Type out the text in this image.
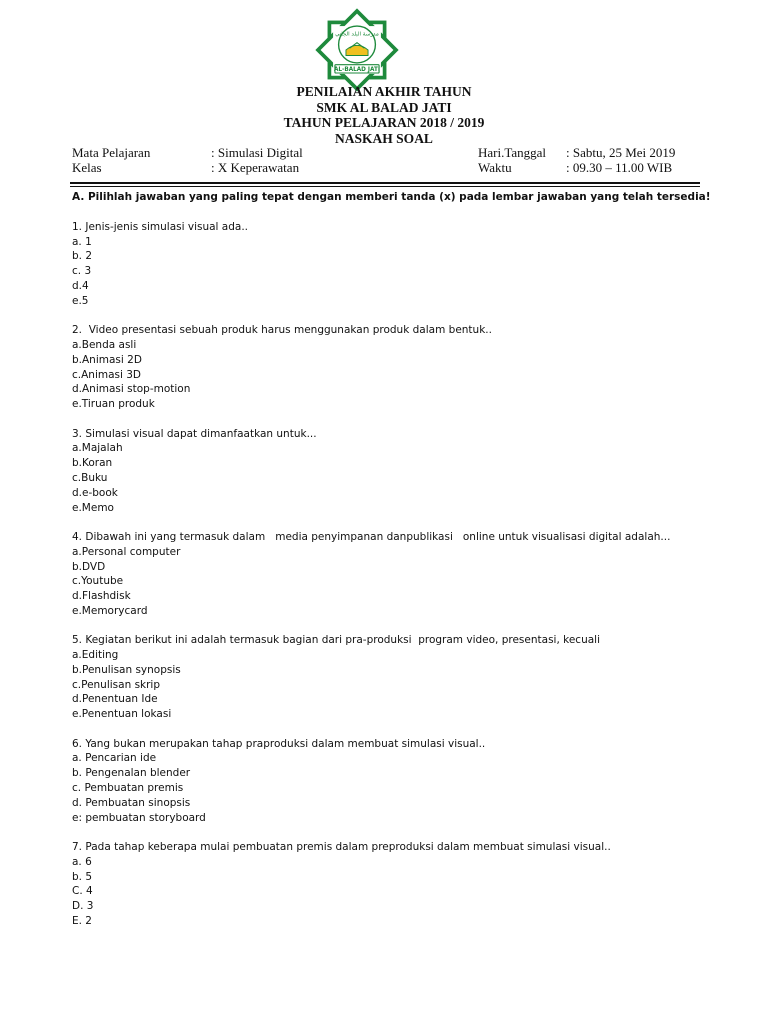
مدرسة البلد الجاتي
AL-BALAD JATI
PENILAIAN AKHIR TAHUN
SMK AL BALAD JATI
TAHUN PELAJARAN 2018 / 2019
NASKAH SOAL
Mata Pelajaran	: Simulasi Digital	Hari.Tanggal : Sabtu, 25 Mei 2019
Kelas	: X Keperawatan	Waktu	: 09.30 – 11.00 WIB
A. Pilihlah jawaban yang paling tepat dengan memberi tanda (x) pada lembar jawaban yang telah tersedia!
1. Jenis-jenis simulasi visual ada..
a. 1
b. 2
c. 3
d.4
e.5
2.  Video presentasi sebuah produk harus menggunakan produk dalam bentuk..
a.Benda asli
b.Animasi 2D
c.Animasi 3D
d.Animasi stop-motion
e.Tiruan produk
3. Simulasi visual dapat dimanfaatkan untuk...
a.Majalah
b.Koran
c.Buku
d.e-book
e.Memo
4. Dibawah ini yang termasuk dalam   media penyimpanan danpublikasi   online untuk visualisasi digital adalah...
a.Personal computer
b.DVD
c.Youtube
d.Flashdisk
e.Memorycard
5. Kegiatan berikut ini adalah termasuk bagian dari pra-produksi  program video, presentasi, kecuali
a.Editing
b.Penulisan synopsis
c.Penulisan skrip
d.Penentuan Ide
e.Penentuan lokasi
6. Yang bukan merupakan tahap praproduksi dalam membuat simulasi visual..
a. Pencarian ide
b. Pengenalan blender
c. Pembuatan premis
d. Pembuatan sinopsis
e: pembuatan storyboard
7. Pada tahap keberapa mulai pembuatan premis dalam preproduksi dalam membuat simulasi visual..
a. 6
b. 5
C. 4
D. 3
E. 2
